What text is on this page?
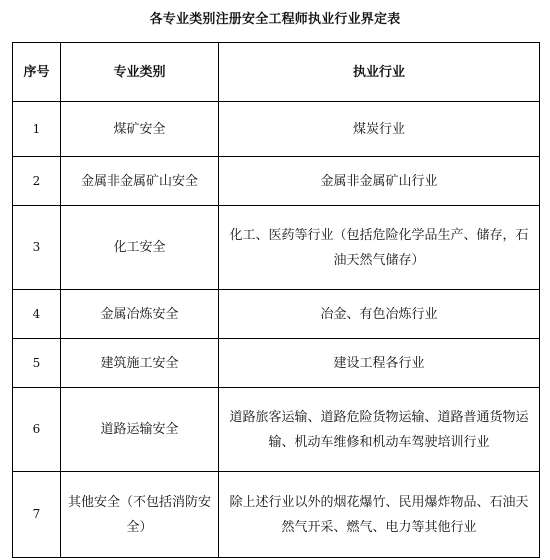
各专业类别注册安全工程师执业行业界定表
序号	专业类别	执业行业
1	煤矿安全	煤炭行业
2	金属非金属矿山安全	金属非金属矿山行业
3	化工安全	化工、医药等行业（包括危险化学品生产、储存，石油天然气储存）
4	金属冶炼安全	冶金、有色冶炼行业
5	建筑施工安全	建设工程各行业
6	道路运输安全	道路旅客运输、道路危险货物运输、道路普通货物运输、机动车维修和机动车驾驶培训行业
7	其他安全（不包括消防安全）	除上述行业以外的烟花爆竹、民用爆炸物品、石油天然气开采、燃气、电力等其他行业
